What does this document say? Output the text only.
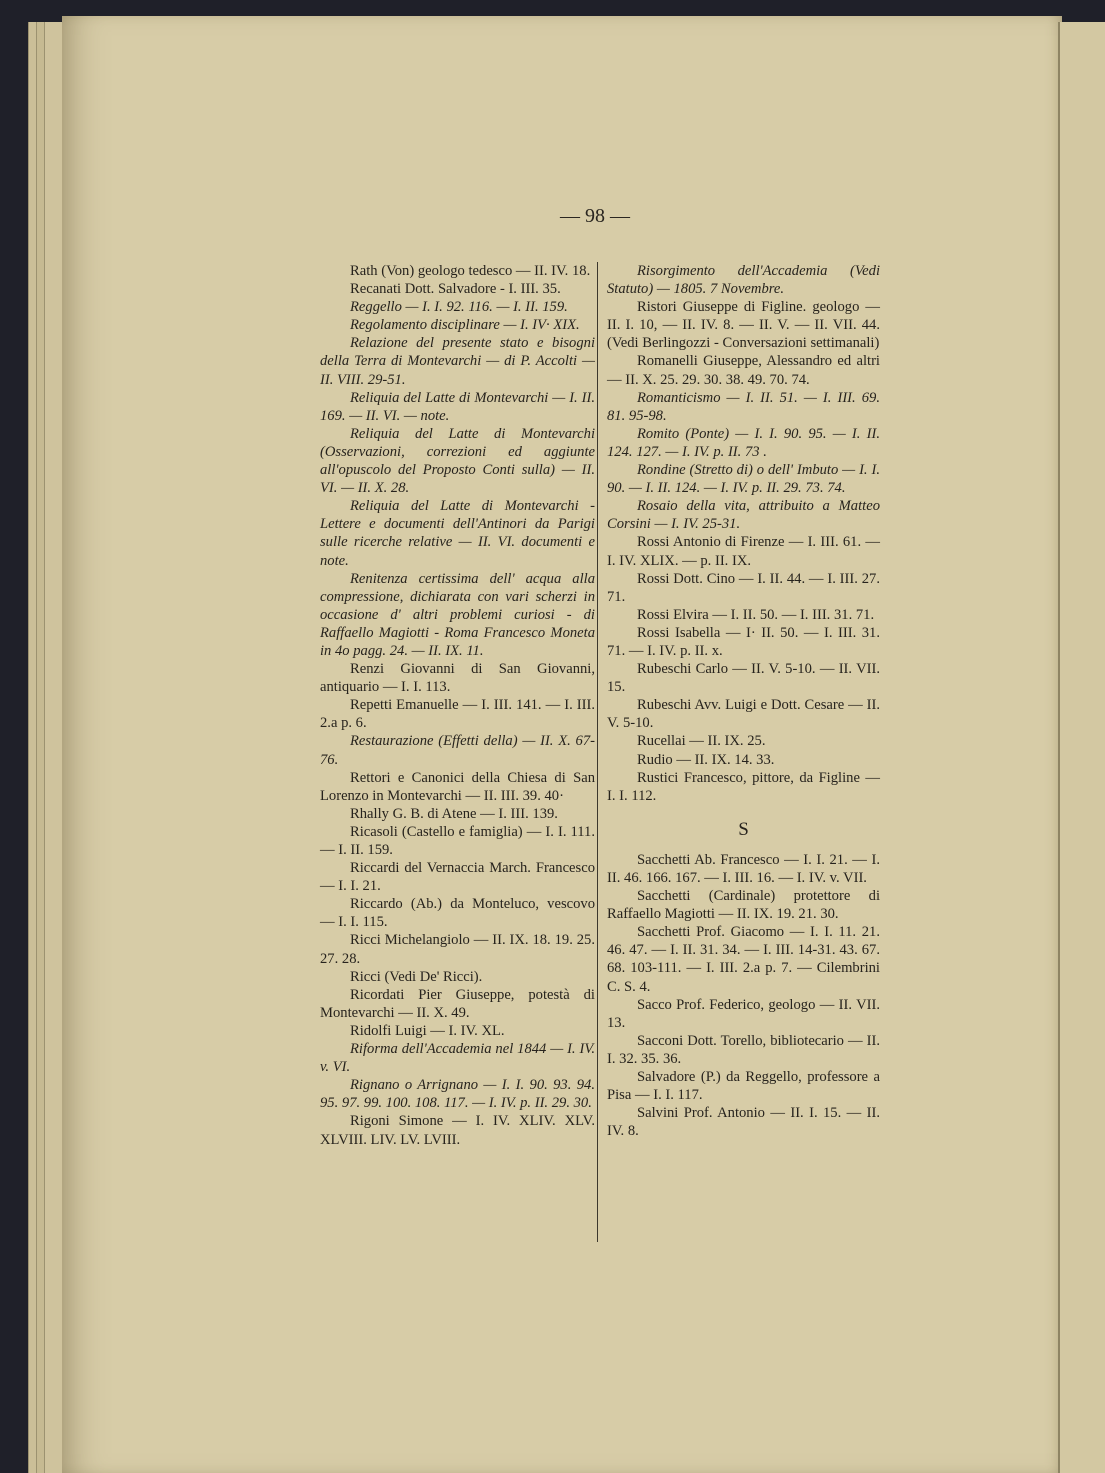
— 98 —

Rath (Von) geologo tedesco — II. IV. 18.

Recanati Dott. Salvadore - I. III. 35.

Reggello — I. I. 92. 116. — I. II. 159.

Regolamento disciplinare — I. IV· XIX.

Relazione del presente stato e bisogni della Terra di Montevarchi — di P. Accolti — II. VIII. 29-51.

Reliquia del Latte di Montevarchi — I. II. 169. — II. VI. — note.

Reliquia del Latte di Montevarchi (Osservazioni, correzioni ed aggiunte all'opuscolo del Proposto Conti sulla) — II. VI. — II. X. 28.

Reliquia del Latte di Montevarchi - Lettere e documenti dell'Antinori da Parigi sulle ricerche relative — II. VI. documenti e note.

Renitenza certissima dell' acqua alla compressione, dichiarata con vari scherzi in occasione d' altri problemi curiosi - di Raffaello Magiotti - Roma Francesco Moneta in 4o pagg. 24. — II. IX. 11.

Renzi Giovanni di San Giovanni, antiquario — I. I. 113.

Repetti Emanuelle — I. III. 141. — I. III. 2.a p. 6.

Restaurazione (Effetti della) — II. X. 67-76.

Rettori e Canonici della Chiesa di San Lorenzo in Montevarchi — II. III. 39. 40·

Rhally G. B. di Atene — I. III. 139.

Ricasoli (Castello e famiglia) — I. I. 111. — I. II. 159.

Riccardi del Vernaccia March. Francesco — I. I. 21.

Riccardo (Ab.) da Monteluco, vescovo — I. I. 115.

Ricci Michelangiolo — II. IX. 18. 19. 25. 27. 28.

Ricci (Vedi De' Ricci).

Ricordati Pier Giuseppe, potestà di Montevarchi — II. X. 49.

Ridolfi Luigi — I. IV. XL.

Riforma dell'Accademia nel 1844 — I. IV. v. VI.

Rignano o Arrignano — I. I. 90. 93. 94. 95. 97. 99. 100. 108. 117. — I. IV. p. II. 29. 30.

Rigoni Simone — I. IV. XLIV. XLV. XLVIII. LIV. LV. LVIII.

Risorgimento dell'Accademia (Vedi Statuto) — 1805. 7 Novembre.

Ristori Giuseppe di Figline. geologo — II. I. 10, — II. IV. 8. — II. V. — II. VII. 44. (Vedi Berlingozzi - Conversazioni settimanali)

Romanelli Giuseppe, Alessandro ed altri — II. X. 25. 29. 30. 38. 49. 70. 74.

Romanticismo — I. II. 51. — I. III. 69. 81. 95-98.

Romito (Ponte) — I. I. 90. 95. — I. II. 124. 127. — I. IV. p. II. 73 .

Rondine (Stretto di) o dell' Imbuto — I. I. 90. — I. II. 124. — I. IV. p. II. 29. 73. 74.

Rosaio della vita, attribuito a Matteo Corsini — I. IV. 25-31.

Rossi Antonio di Firenze — I. III. 61. — I. IV. XLIX. — p. II. IX.

Rossi Dott. Cino — I. II. 44. — I. III. 27. 71.

Rossi Elvira — I. II. 50. — I. III. 31. 71.

Rossi Isabella — I· II. 50. — I. III. 31. 71. — I. IV. p. II. x.

Rubeschi Carlo — II. V. 5-10. — II. VII. 15.

Rubeschi Avv. Luigi e Dott. Cesare — II. V. 5-10.

Rucellai — II. IX. 25.

Rudio — II. IX. 14. 33.

Rustici Francesco, pittore, da Figline — I. I. 112.

S

Sacchetti Ab. Francesco — I. I. 21. — I. II. 46. 166. 167. — I. III. 16. — I. IV. v. VII.

Sacchetti (Cardinale) protettore di Raffaello Magiotti — II. IX. 19. 21. 30.

Sacchetti Prof. Giacomo — I. I. 11. 21. 46. 47. — I. II. 31. 34. — I. III. 14-31. 43. 67. 68. 103-111. — I. III. 2.a p. 7. — Cilembrini C. S. 4.

Sacco Prof. Federico, geologo — II. VII. 13.

Sacconi Dott. Torello, bibliotecario — II. I. 32. 35. 36.

Salvadore (P.) da Reggello, professore a Pisa — I. I. 117.

Salvini Prof. Antonio — II. I. 15. — II. IV. 8.
